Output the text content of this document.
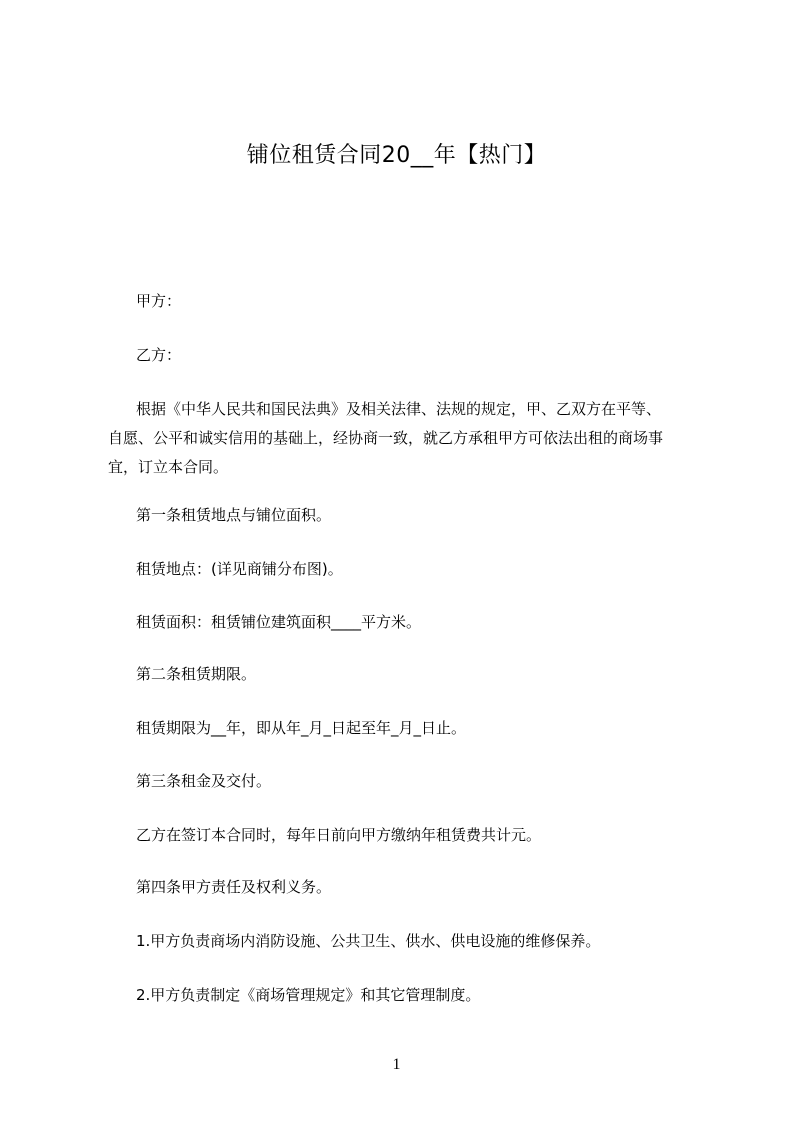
铺位租赁合同20__年【热门】
甲方：
乙方：
根据《中华人民共和国民法典》及相关法律、法规的规定，甲、乙双方在平等、
自愿、公平和诚实信用的基础上，经协商一致，就乙方承租甲方可依法出租的商场事
宜，订立本合同。
第一条租赁地点与铺位面积。
租赁地点：(详见商铺分布图)。
租赁面积：租赁铺位建筑面积____平方米。
第二条租赁期限。
租赁期限为__年，即从年_月_日起至年_月_日止。
第三条租金及交付。
乙方在签订本合同时，每年日前向甲方缴纳年租赁费共计元。
第四条甲方责任及权利义务。
1.甲方负责商场内消防设施、公共卫生、供水、供电设施的维修保养。
2.甲方负责制定《商场管理规定》和其它管理制度。
1
